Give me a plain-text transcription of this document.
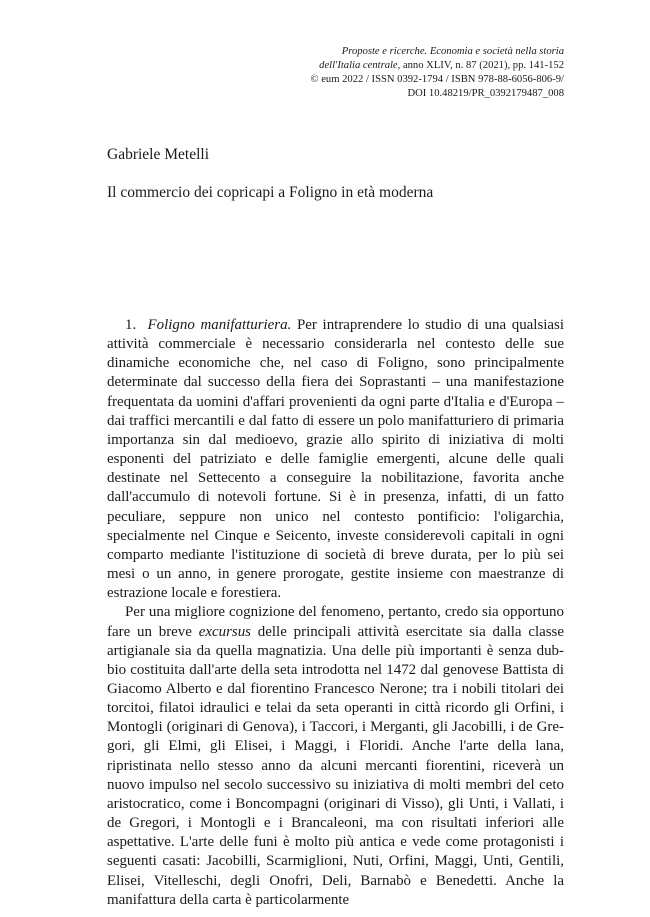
Proposte e ricerche. Economia e società nella storia
dell'Italia centrale, anno XLIV, n. 87 (2021), pp. 141-152
© eum 2022 / ISSN 0392-1794 / ISBN 978-88-6056-806-9/
DOI 10.48219/PR_0392179487_008
Gabriele Metelli
Il commercio dei copricapi a Foligno in età moderna

1. Foligno manifatturiera. Per intraprendere lo studio di una qualsiasi attività commerciale è necessario considerarla nel contesto delle sue dinamiche economiche che, nel caso di Foligno, sono principalmente determinate dal successo della fiera dei Soprastanti – una manifestazione frequentata da uomini d'affari provenienti da ogni parte d'Italia e d'Europa – dai traffici mercantili e dal fatto di essere un polo manifatturiero di primaria importanza sin dal medioevo, grazie allo spirito di iniziativa di molti esponenti del patriziato e delle famiglie emergenti, alcune delle quali destinate nel Settecento a conseguire la nobilitazione, favorita anche dall'accumulo di notevoli fortune. Si è in presenza, infatti, di un fatto peculiare, seppure non unico nel contesto pontificio: l'oligarchia, specialmente nel Cinque e Seicento, investe considerevoli capitali in ogni comparto mediante l'istituzione di società di breve durata, per lo più sei mesi o un anno, in genere prorogate, gestite insieme con maestranze di estrazione locale e forestiera.

Per una migliore cognizione del fenomeno, pertanto, credo sia opportuno fare un breve excursus delle principali attività esercitate sia dalla classe artigianale sia da quella magnatizia. Una delle più importanti è senza dubbio costituita dall'arte della seta introdotta nel 1472 dal genovese Battista di Giacomo Alberto e dal fiorentino Francesco Nerone; tra i nobili titolari dei torcitoi, filatoi idraulici e telai da seta operanti in città ricordo gli Orfini, i Montogli (originari di Genova), i Taccori, i Merganti, gli Jacobilli, i de Gregori, gli Elmi, gli Elisei, i Maggi, i Floridi. Anche l'arte della lana, ripristinata nello stesso anno da alcuni mercanti fiorentini, riceverà un nuovo impulso nel secolo successivo su iniziativa di molti membri del ceto aristocratico, come i Boncompagni (originari di Visso), gli Unti, i Vallati, i de Gregori, i Montogli e i Brancaleoni, ma con risultati inferiori alle aspettative. L'arte delle funi è molto più antica e vede come protagonisti i seguenti casati: Jacobilli, Scarmiglioni, Nuti, Orfini, Maggi, Unti, Gentili, Elisei, Vitelleschi, degli Onofri, Deli, Barnabò e Benedetti. Anche la manifattura della carta è particolarmente
